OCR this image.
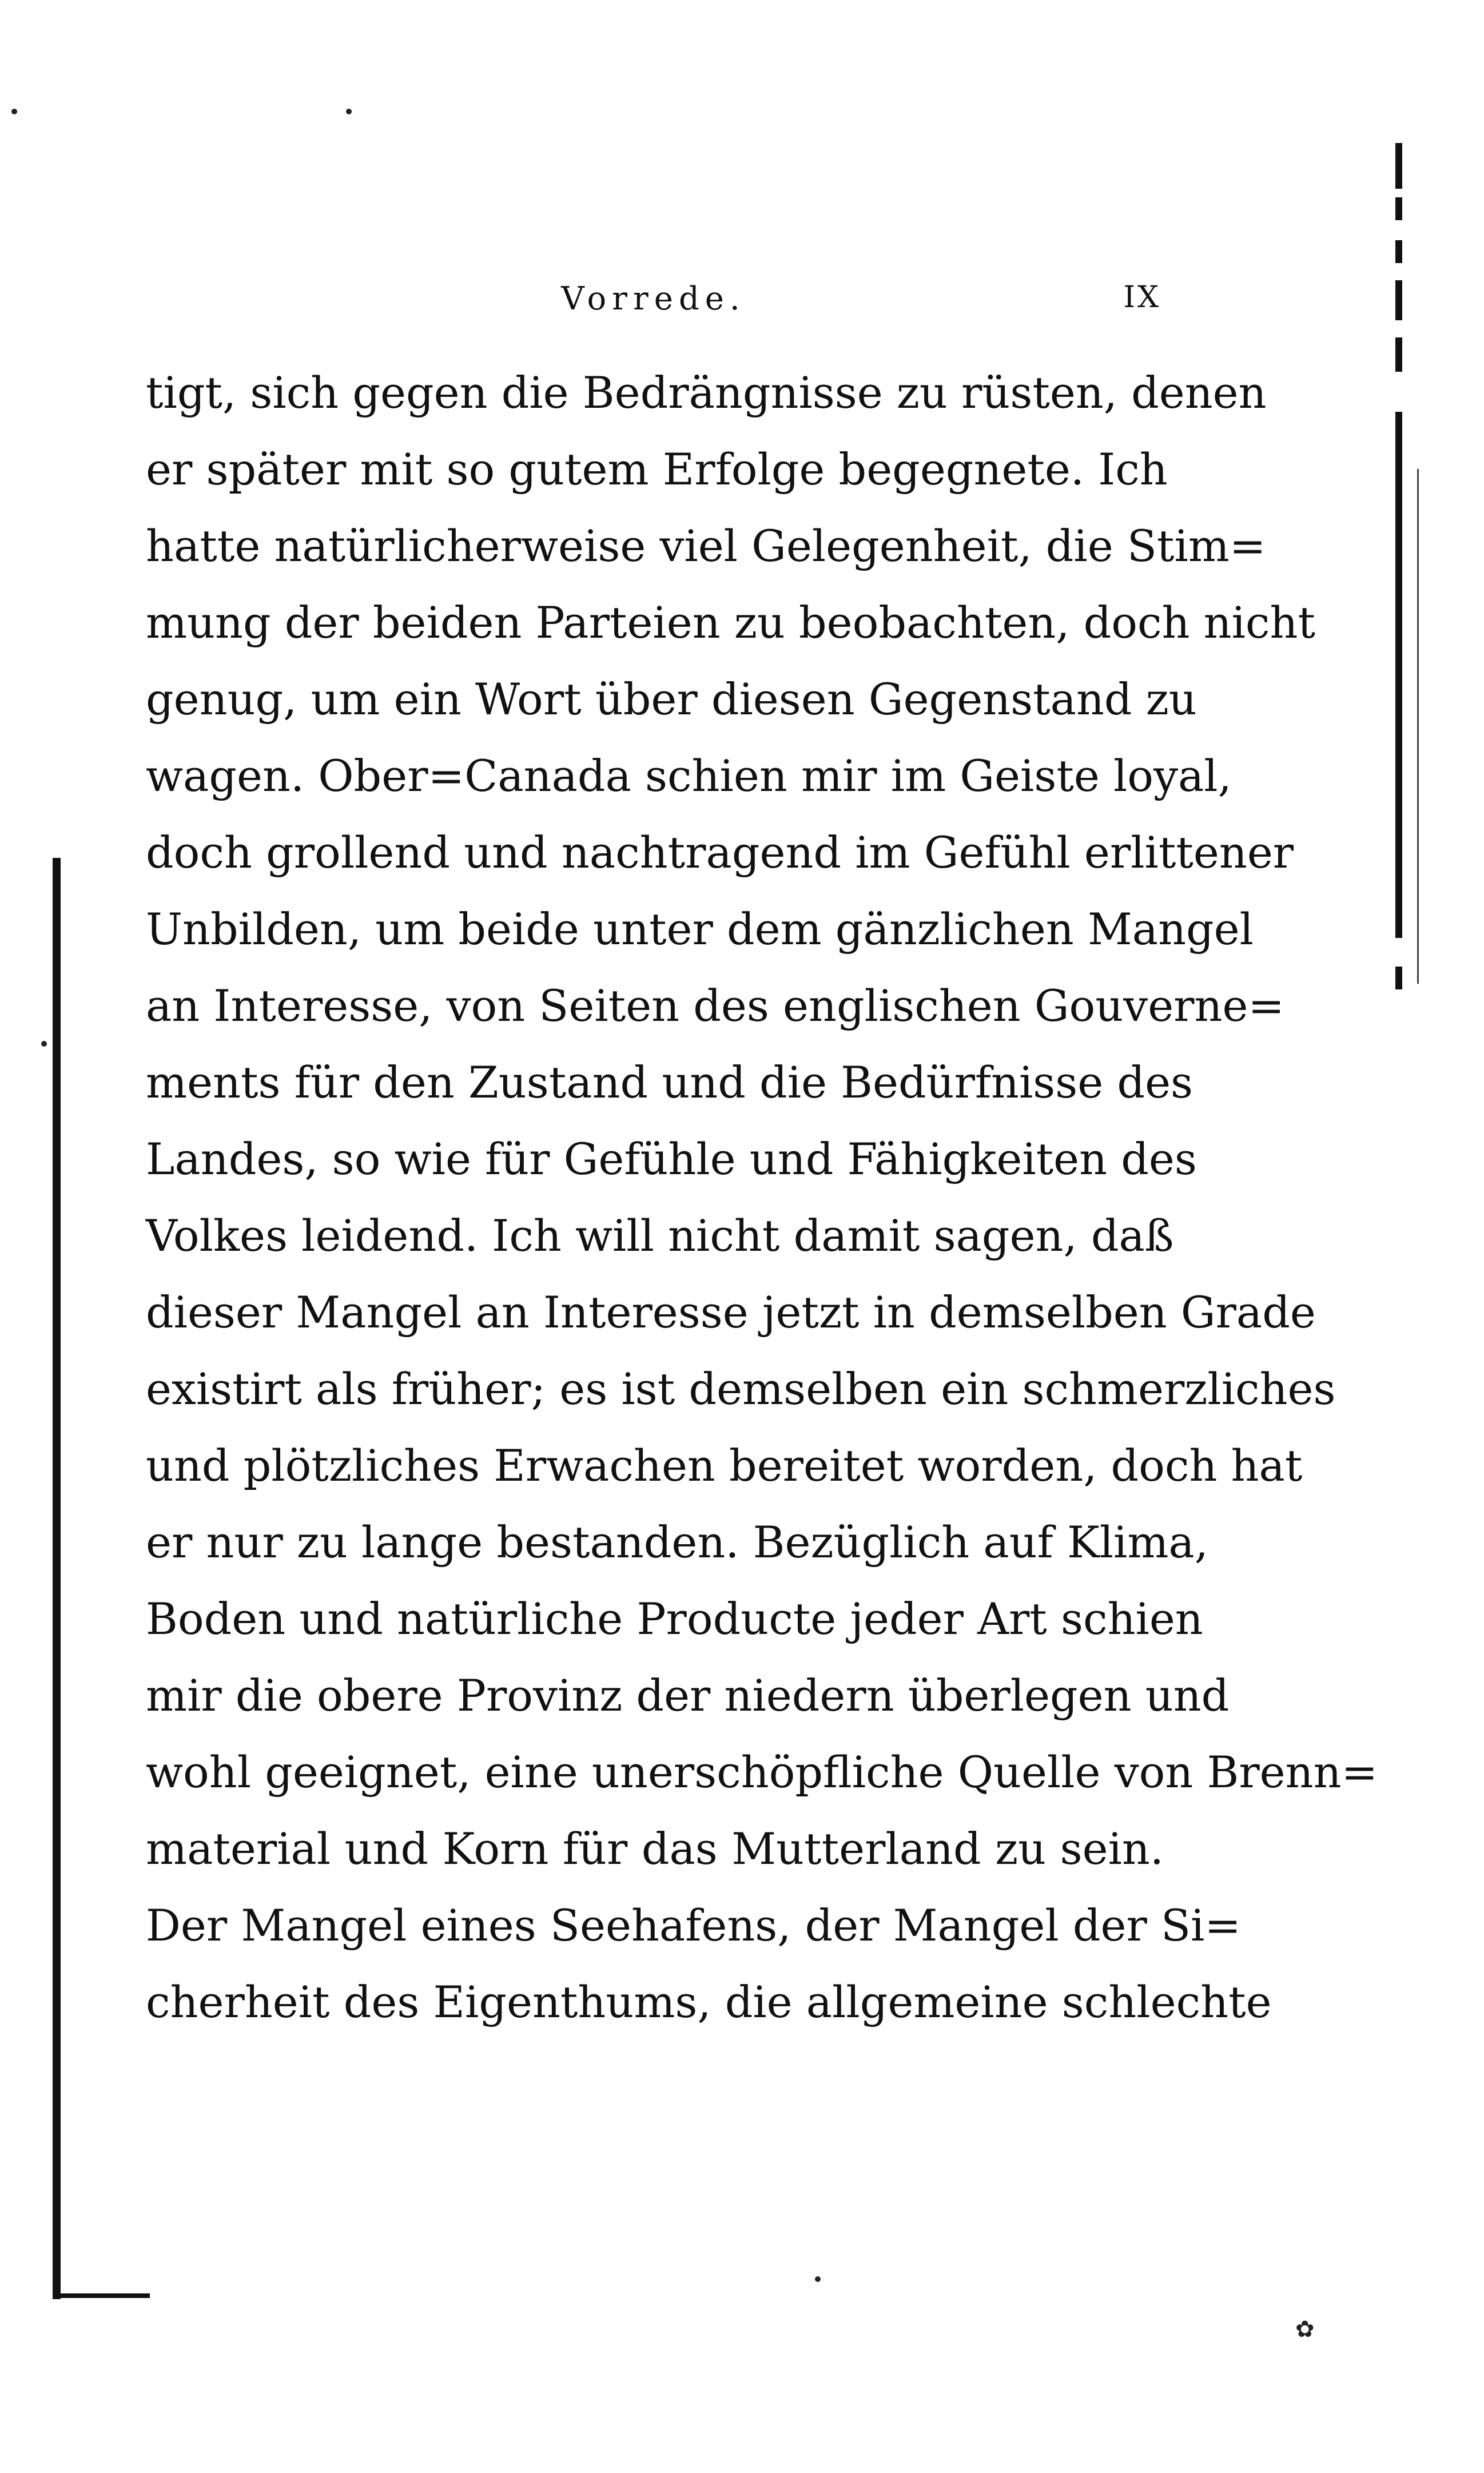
Vorrede.	IX
tigt, sich gegen die Bedrängnisse zu rüsten, denen
er später mit so gutem Erfolge begegnete. Ich
hatte natürlicherweise viel Gelegenheit, die Stim=
mung der beiden Parteien zu beobachten, doch nicht
genug, um ein Wort über diesen Gegenstand zu
wagen. Ober=Canada schien mir im Geiste loyal,
doch grollend und nachtragend im Gefühl erlittener
Unbilden, um beide unter dem gänzlichen Mangel
an Interesse, von Seiten des englischen Gouverne=
ments für den Zustand und die Bedürfnisse des
Landes, so wie für Gefühle und Fähigkeiten des
Volkes leidend. Ich will nicht damit sagen, daß
dieser Mangel an Interesse jetzt in demselben Grade
existirt als früher; es ist demselben ein schmerzliches
und plötzliches Erwachen bereitet worden, doch hat
er nur zu lange bestanden. Bezüglich auf Klima,
Boden und natürliche Producte jeder Art schien
mir die obere Provinz der niedern überlegen und
wohl geeignet, eine unerschöpfliche Quelle von Brenn=
material und Korn für das Mutterland zu sein.
Der Mangel eines Seehafens, der Mangel der Si=
cherheit des Eigenthums, die allgemeine schlechte
✿
